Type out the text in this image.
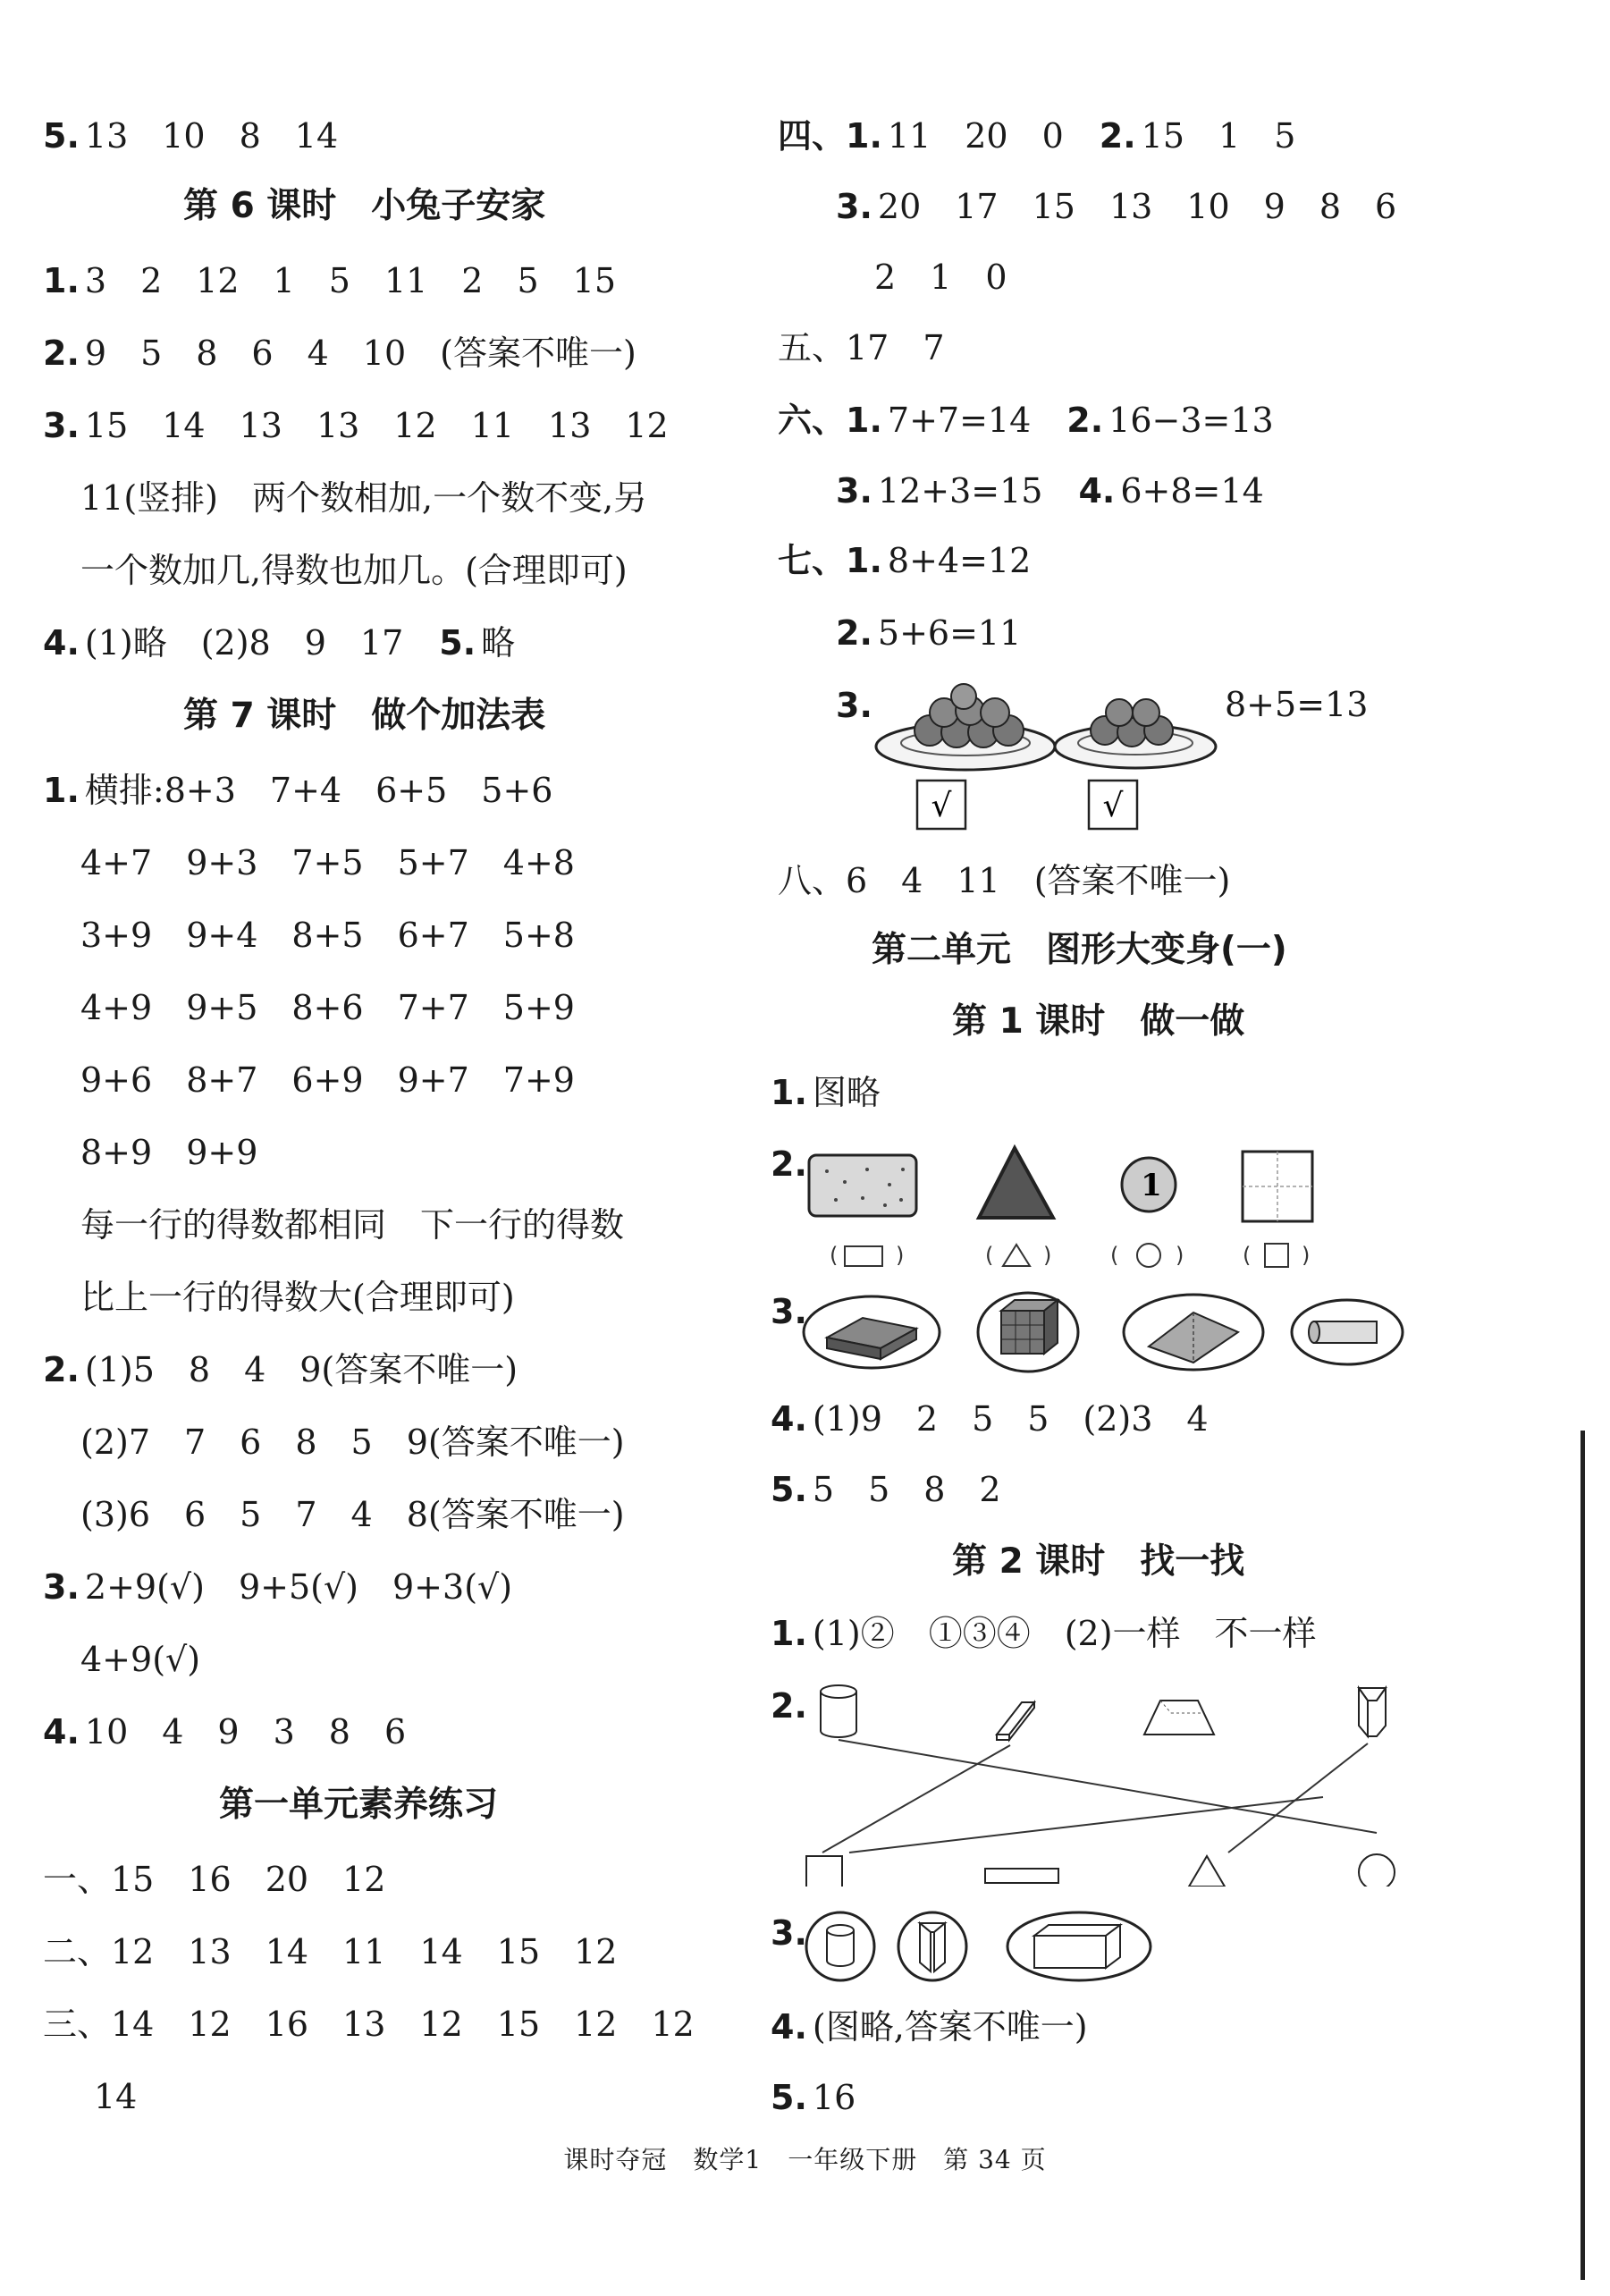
5. 13　10　8　14
第 6 课时　小兔子安家
1. 3　2　12　1　5　11　2　5　15
2. 9　5　8　6　4　10　(答案不唯一)
3. 15　14　13　13　12　11　13　12
11(竖排)　两个数相加,一个数不变,另
一个数加几,得数也加几。(合理即可)
4. (1)略　(2)8　9　17 5. 略
第 7 课时　做个加法表
1. 横排:8+3　7+4　6+5　5+6
4+7　9+3　7+5　5+7　4+8
3+9　9+4　8+5　6+7　5+8
4+9　9+5　8+6　7+7　5+9
9+6　8+7　6+9　9+7　7+9
8+9　9+9
每一行的得数都相同　下一行的得数
比上一行的得数大(合理即可)
2. (1)5　8　4　9(答案不唯一)
(2)7　7　6　8　5　9(答案不唯一)
(3)6　6　5　7　4　8(答案不唯一)
3. 2+9(√)　9+5(√)　9+3(√)
4+9(√)
4. 10　4　9　3　8　6
第一单元素养练习
一、15　16　20　12
二、12　13　14　11　14　15　12
三、14　12　16　13　12　15　12　12
14
四、1. 11　20　0 2. 15　1　5
3. 20　17　15　13　10　9　8　6
2　1　0
五、17　7
六、1. 7+7=14 2. 16−3=13
3. 12+3=15 4. 6+8=14
七、1. 8+4=12
2. 5+6=11
3.
√	√
8+5=13
八、6　4　11　(答案不唯一)
第二单元　图形大变身(一)
第 1 课时　做一做
1. 图略
2.
1
(	)	( )	(	)	( )
3.
4. (1)9　2　5　5　(2)3　4
5. 5　5　8　2
第 2 课时　找一找
1. (1)②　①③④　(2)一样　不一样
2.
3.
4. (图略,答案不唯一)
5. 16
课时夺冠　数学1　一年级下册　第 34 页
